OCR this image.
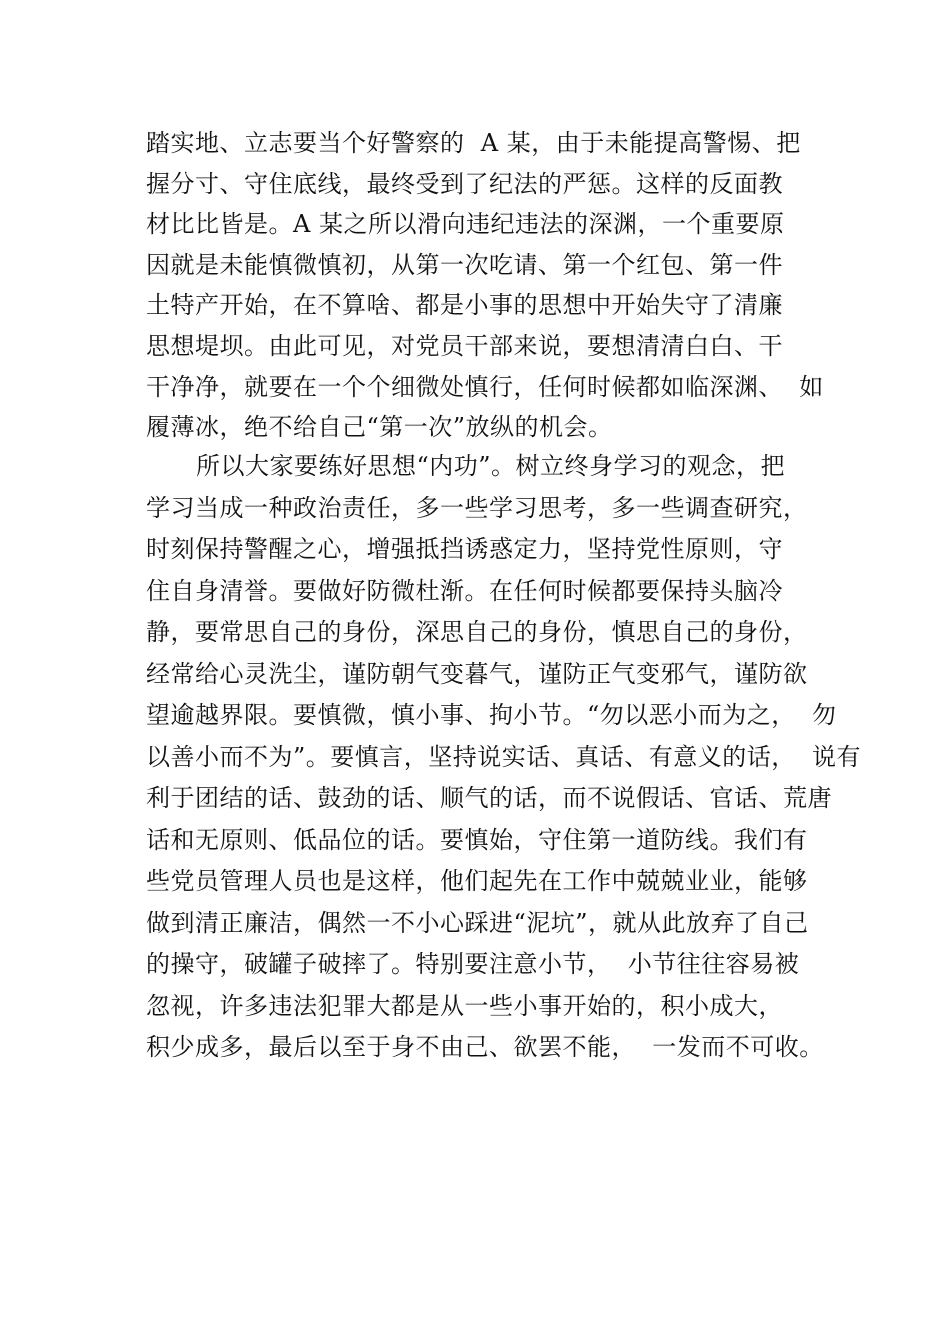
踏实地、立志要当个好警察的  A 某，由于未能提高警惕、把
握分寸、守住底线，最终受到了纪法的严惩。这样的反面教
材比比皆是。A 某之所以滑向违纪违法的深渊，一个重要原
因就是未能慎微慎初，从第一次吃请、第一个红包、第一件
土特产开始，在不算啥、都是小事的思想中开始失守了清廉
思想堤坝。由此可见，对党员干部来说，要想清清白白、干
干净净，就要在一个个细微处慎行，任何时候都如临深渊、  如
履薄冰，绝不给自己“第一次”放纵的机会。
所以大家要练好思想“内功”。树立终身学习的观念，把
学习当成一种政治责任，多一些学习思考，多一些调查研究，
时刻保持警醒之心，增强抵挡诱惑定力，坚持党性原则，守
住自身清誉。要做好防微杜渐。在任何时候都要保持头脑冷
静，要常思自己的身份，深思自己的身份，慎思自己的身份，
经常给心灵洗尘，谨防朝气变暮气，谨防正气变邪气，谨防欲
望逾越界限。要慎微，慎小事、拘小节。“勿以恶小而为之，  勿
以善小而不为”。要慎言，坚持说实话、真话、有意义的话，  说有
利于团结的话、鼓劲的话、顺气的话，而不说假话、官话、荒唐
话和无原则、低品位的话。要慎始，守住第一道防线。我们有
些党员管理人员也是这样，他们起先在工作中兢兢业业，能够
做到清正廉洁，偶然一不小心踩进“泥坑”，就从此放弃了自己
的操守，破罐子破摔了。特别要注意小节，  小节往往容易被
忽视，许多违法犯罪大都是从一些小事开始的，积小成大，
积少成多，最后以至于身不由己、欲罢不能，  一发而不可收。
